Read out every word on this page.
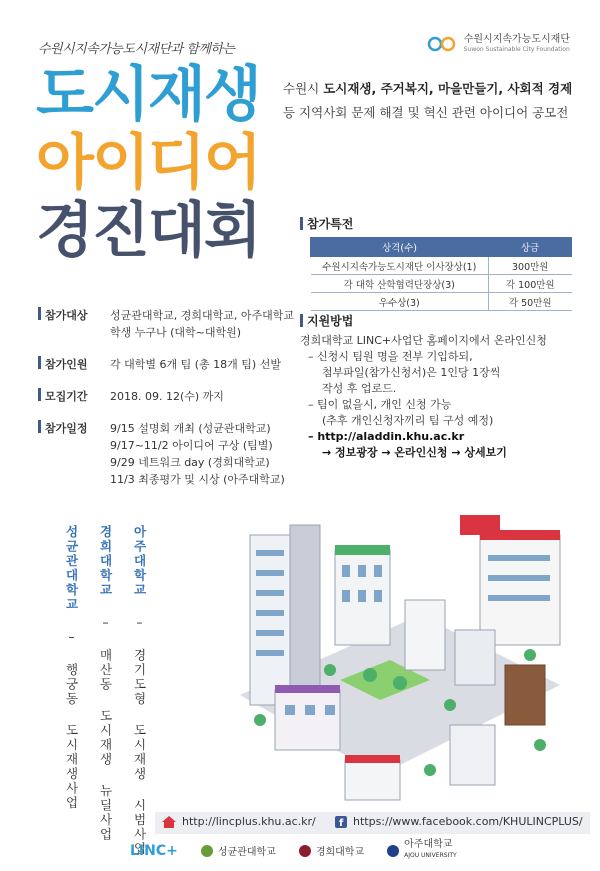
수원시지속가능도시재단과 함께하는
수원시지속가능도시재단
Suwon Sustainable City Foundation
도시재생
아이디어
경진대회
수원시 도시재생, 주거복지, 마을만들기, 사회적 경제
등 지역사회 문제 해결 및 혁신 관련 아이디어 공모전
참가특전
상격(수)	상금
수원시지속가능도시재단 이사장상(1)	300만원
각 대학 산학협력단장상(3)	각 100만원
우수상(3)	각 50만원
참가대상 성균관대학교, 경희대학교, 아주대학교
학생 누구나 (대학~대학원)
참가인원 각 대학별 6개 팀 (총 18개 팀) 선발
모집기간 2018. 09. 12(수) 까지
참가일정 9/15 설명회 개최 (성균관대학교)
9/17~11/2 아이디어 구상 (팀별)
9/29 네트워크 day (경희대학교)
11/3 최종평가 및 시상 (아주대학교)
지원방법
경희대학교 LINC+사업단 홈페이지에서 온라인신청
– 신청시 팀원 명을 전부 기입하되,
첨부파일(참가신청서)은 1인당 1장씩
작성 후 업로드.
– 팀이 없을시, 개인 신청 가능
(추후 개인신청자끼리 팀 구성 예정)
– http://aladdin.khu.ac.kr
→ 정보광장 → 온라인신청 → 상세보기
성균관대학교 – 행궁동 도시재생사업
경희대학교 – 매산동 도시재생 뉴딜사업
아주대학교 – 경기도형 도시재생 시범사업	http://lincplus.khu.ac.kr/ f https://www.facebook.com/KHULINCPLUS/
LINC+	성균관대학교	경희대학교
아주대학교
AJOU UNIVERSITY
